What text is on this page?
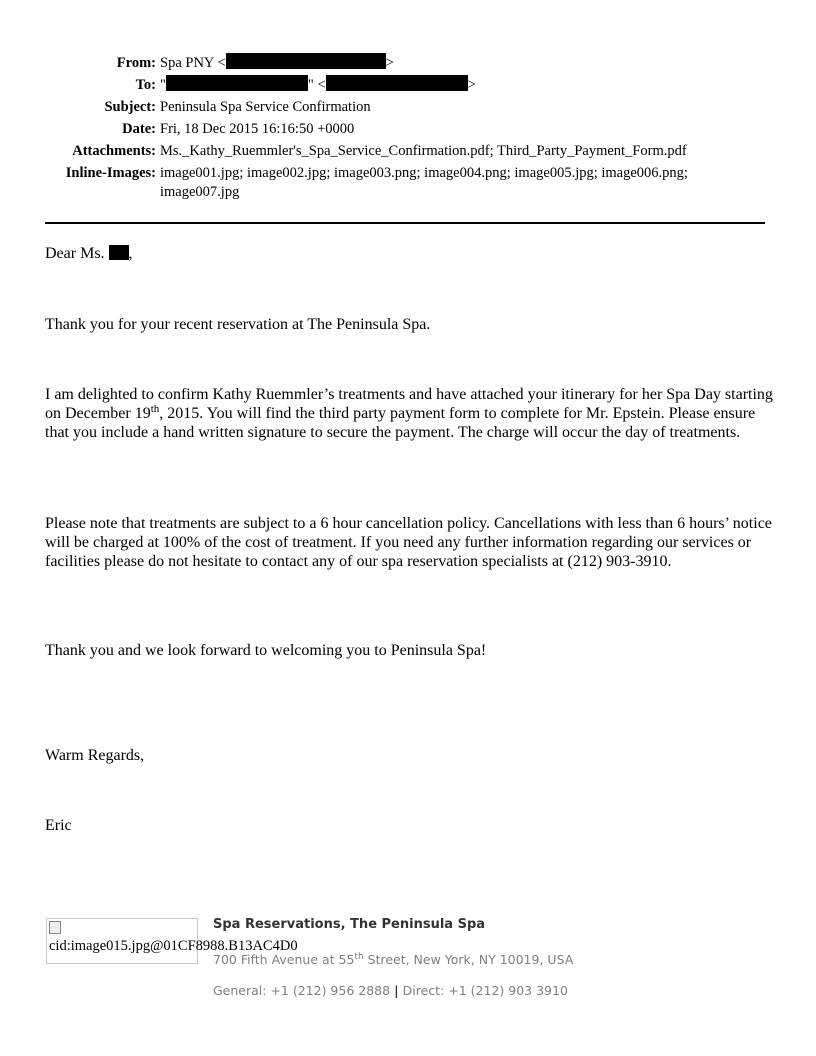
From: Spa PNY <	>
To: "	" <	>
Subject: Peninsula Spa Service Confirmation
Date: Fri, 18 Dec 2015 16:16:50 +0000
Attachments: Ms._Kathy_Ruemmler's_Spa_Service_Confirmation.pdf; Third_Party_Payment_Form.pdf
Inline-Images: image001.jpg; image002.jpg; image003.png; image004.png; image005.jpg; image006.png; image007.jpg

Dear Ms. ,

Thank you for your recent reservation at The Peninsula Spa.

I am delighted to confirm Kathy Ruemmler’s treatments and have attached your itinerary for her Spa Day starting on December 19th, 2015. You will find the third party payment form to complete for Mr. Epstein. Please ensure that you include a hand written signature to secure the payment. The charge will occur the day of treatments.

Please note that treatments are subject to a 6 hour cancellation policy. Cancellations with less than 6 hours’ notice will be charged at 100% of the cost of treatment. If you need any further information regarding our services or facilities please do not hesitate to contact any of our spa reservation specialists at (212) 903-3910.

Thank you and we look forward to welcoming you to Peninsula Spa!

Warm Regards,

Eric

cid:image015.jpg@01CF8988.B13AC4D0
Spa Reservations, The Peninsula Spa
700 Fifth Avenue at 55th Street, New York, NY 10019, USA
General: +1 (212) 956 2888 | Direct: +1 (212) 903 3910
